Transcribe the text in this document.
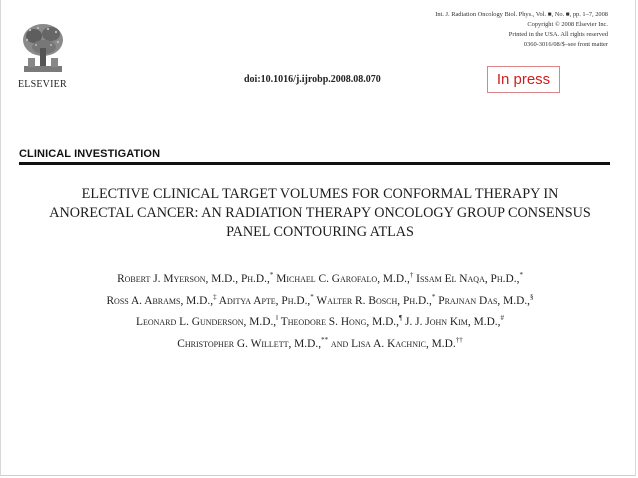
ELSEVIER
Int. J. Radiation Oncology Biol. Phys., Vol. ■, No. ■, pp. 1–7, 2008
Copyright © 2008 Elsevier Inc.
Printed in the USA. All rights reserved
0360-3016/08/$–see front matter
doi:10.1016/j.ijrobp.2008.08.070	In press
CLINICAL INVESTIGATION
ELECTIVE CLINICAL TARGET VOLUMES FOR CONFORMAL THERAPY IN
ANORECTAL CANCER: AN RADIATION THERAPY ONCOLOGY GROUP CONSENSUS
PANEL CONTOURING ATLAS
Robert J. Myerson, M.D., Ph.D.,* Michael C. Garofalo, M.D.,† Issam El Naqa, Ph.D.,*
Ross A. Abrams, M.D.,‡ Aditya Apte, Ph.D.,* Walter R. Bosch, Ph.D.,* Prajnan Das, M.D.,§
Leonard L. Gunderson, M.D.,‖ Theodore S. Hong, M.D.,¶ J. J. John Kim, M.D.,#
Christopher G. Willett, M.D.,** and Lisa A. Kachnic, M.D.††
